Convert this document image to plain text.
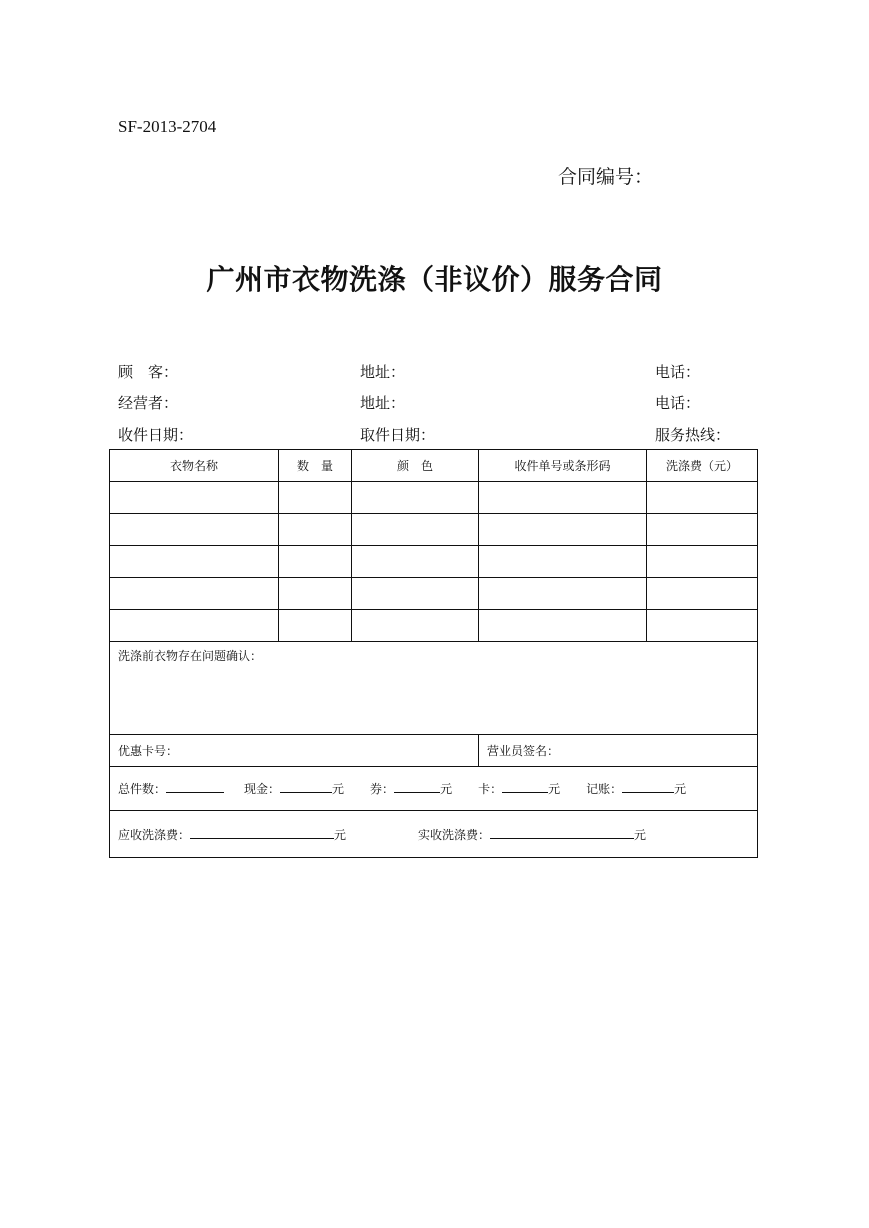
SF-2013-2704
合同编号：
广州市衣物洗涤（非议价）服务合同
顾　客：	地址：	电话：
经营者：	地址：	电话：
收件日期：	取件日期：	服务热线：
衣物名称	数　量	颜　色	收件单号或条形码	洗涤费（元）

洗涤前衣物存在问题确认：				
优惠卡号：			营业员签名：	
总件数： 现金： 元 券： 元 卡： 元 记账： 元				
应收洗涤费： 元 实收洗涤费： 元				
